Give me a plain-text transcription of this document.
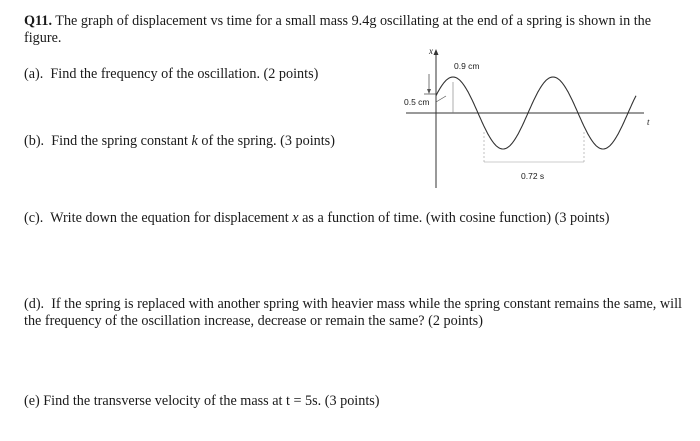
Q11. The graph of displacement vs time for a small mass 9.4g oscillating at the end of a spring is shown in the figure.
(a). Find the frequency of the oscillation. (2 points)
(b). Find the spring constant k of the spring. (3 points)
(c). Write down the equation for displacement x as a function of time. (with cosine function) (3 points)
(d). If the spring is replaced with another spring with heavier mass while the spring constant remains the same, will the frequency of the oscillation increase, decrease or remain the same? (2 points)
(e) Find the transverse velocity of the mass at t = 5s. (3 points)
x
t
0.5 cm
0.9 cm
0.72 s
